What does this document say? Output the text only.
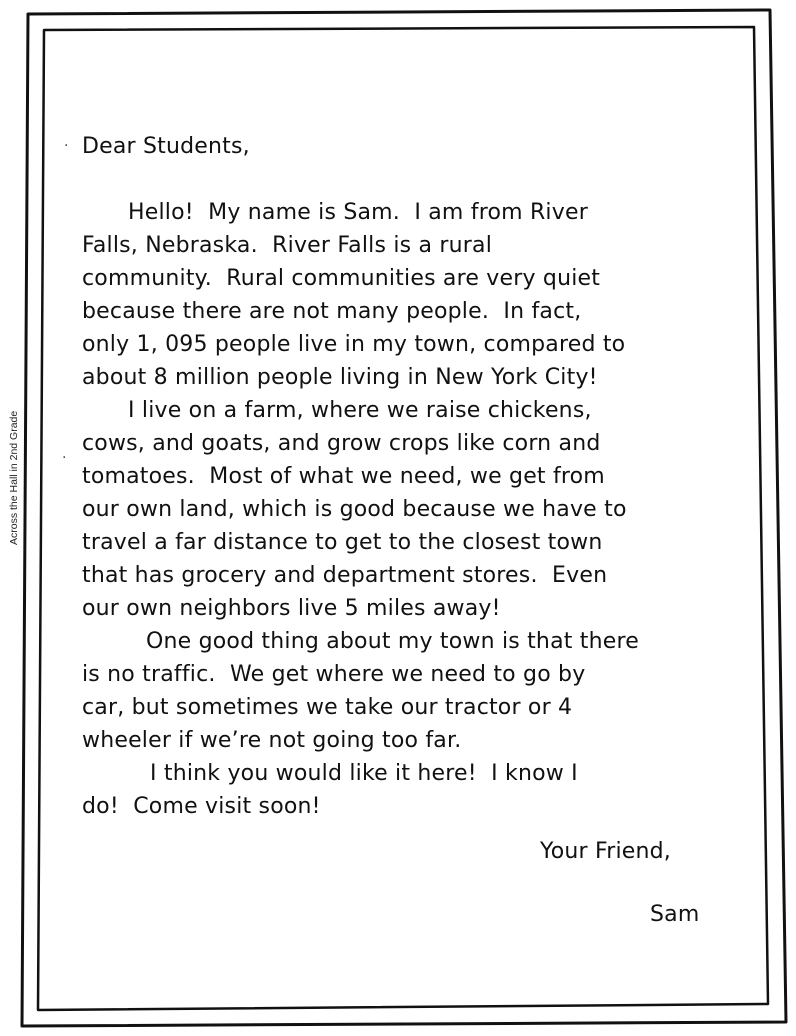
Across the Hall in 2nd Grade
·
·
Dear Students,
Hello!  My name is Sam.  I am from River
Falls, Nebraska.  River Falls is a rural
community.  Rural communities are very quiet
because there are not many people.  In fact,
only 1, 095 people live in my town, compared to
about 8 million people living in New York City!
I live on a farm, where we raise chickens,
cows, and goats, and grow crops like corn and
tomatoes.  Most of what we need, we get from
our own land, which is good because we have to
travel a far distance to get to the closest town
that has grocery and department stores.  Even
our own neighbors live 5 miles away!
One good thing about my town is that there
is no traffic.  We get where we need to go by
car, but sometimes we take our tractor or 4
wheeler if we’re not going too far.
I think you would like it here!  I know I
do!  Come visit soon!
Your Friend,
Sam
